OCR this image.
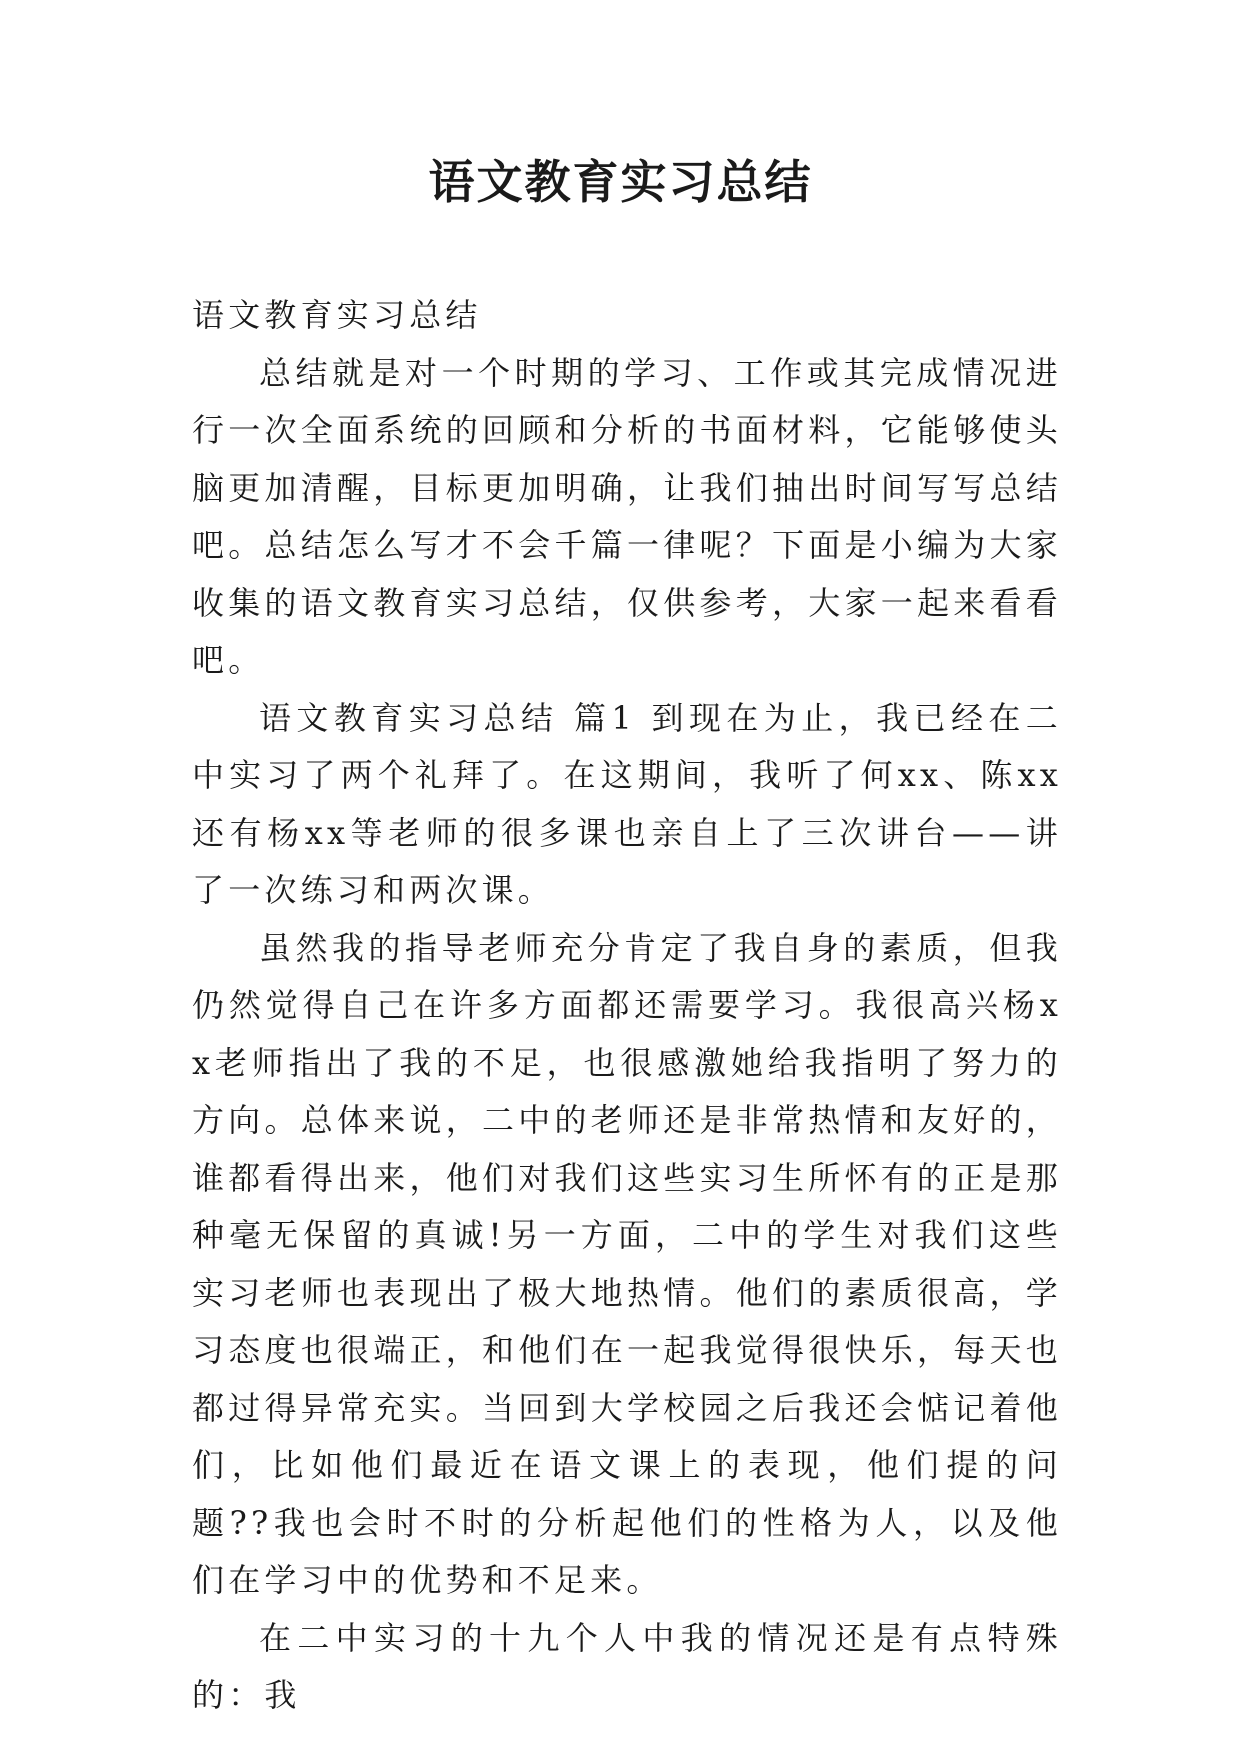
语文教育实习总结

语文教育实习总结

总结就是对一个时期的学习、工作或其完成情况进行一次全面系统的回顾和分析的书面材料，它能够使头脑更加清醒，目标更加明确，让我们抽出时间写写总结吧。总结怎么写才不会千篇一律呢？下面是小编为大家收集的语文教育实习总结，仅供参考，大家一起来看看吧。

语文教育实习总结 篇1 到现在为止，我已经在二中实习了两个礼拜了。在这期间，我听了何xx、陈xx还有杨xx等老师的很多课也亲自上了三次讲台——讲了一次练习和两次课。

虽然我的指导老师充分肯定了我自身的素质，但我仍然觉得自己在许多方面都还需要学习。我很高兴杨xx老师指出了我的不足，也很感激她给我指明了努力的方向。总体来说，二中的老师还是非常热情和友好的，谁都看得出来，他们对我们这些实习生所怀有的正是那种毫无保留的真诚!另一方面，二中的学生对我们这些实习老师也表现出了极大地热情。他们的素质很高，学习态度也很端正，和他们在一起我觉得很快乐，每天也都过得异常充实。当回到大学校园之后我还会惦记着他们，比如他们最近在语文课上的表现，他们提的问题??我也会时不时的分析起他们的性格为人，以及他们在学习中的优势和不足来。

在二中实习的十九个人中我的情况还是有点特殊的：我
